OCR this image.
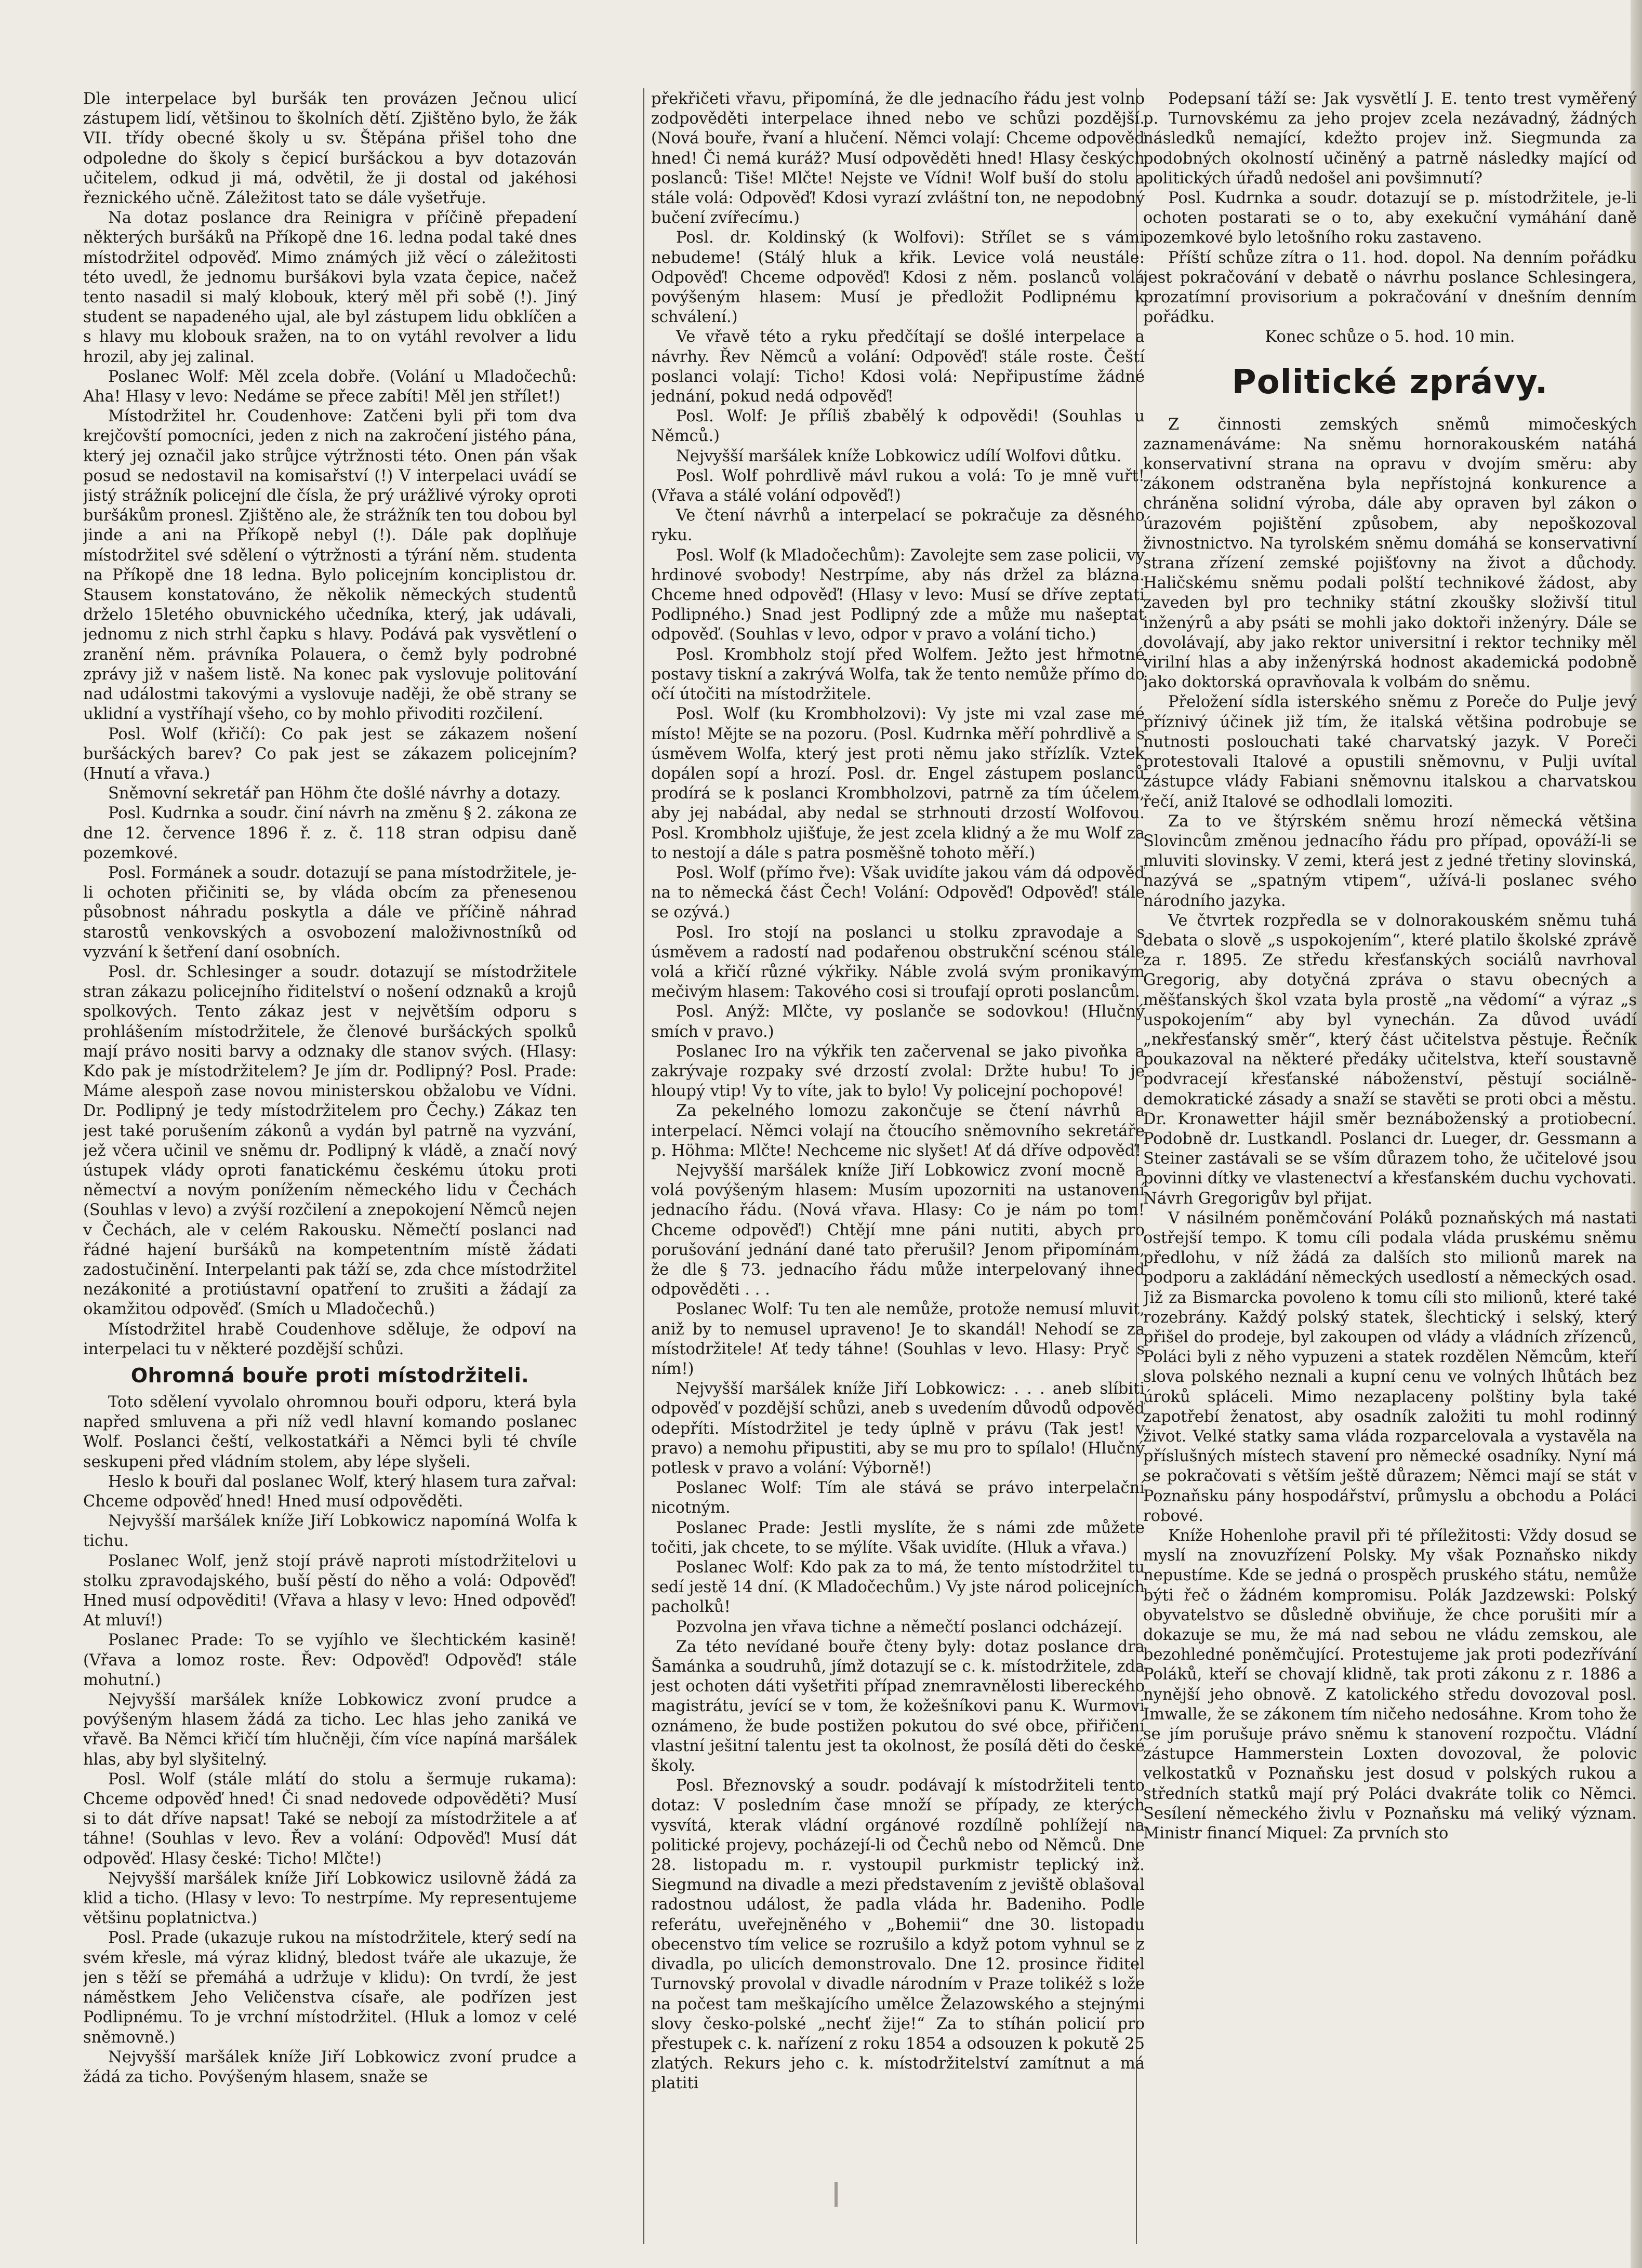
Dle interpelace byl buršák ten provázen Ječnou ulicí zástupem lidí, většinou to školních dětí. Zjištěno bylo, že žák VII. třídy obecné školy u sv. Štěpána přišel toho dne odpoledne do školy s čepicí buršáckou a byv dotazován učitelem, odkud ji má, odvětil, že ji dostal od jakéhosi řeznického učně. Záležitost tato se dále vyšetřuje.

Na dotaz poslance dra Reinigra v příčině přepadení některých buršáků na Příkopě dne 16. ledna podal také dnes místodržitel odpověď. Mimo známých již věcí o záležitosti této uvedl, že jednomu buršákovi byla vzata čepice, načež tento nasadil si malý klobouk, který měl při sobě (!). Jiný student se napadeného ujal, ale byl zástupem lidu obklíčen a s hlavy mu klobouk sražen, na to on vytáhl revolver a lidu hrozil, aby jej zalinal.

Poslanec Wolf: Měl zcela dobře. (Volání u Mladočechů: Aha! Hlasy v levo: Nedáme se přece zabíti! Měl jen střílet!)

Místodržitel hr. Coudenhove: Zatčeni byli při tom dva krejčovští pomocníci, jeden z nich na zakročení jistého pána, který jej označil jako strůjce výtržnosti této. Onen pán však posud se nedostavil na komisařství (!) V interpelaci uvádí se jistý strážník policejní dle čísla, že prý urážlivé výroky oproti buršákům pronesl. Zjištěno ale, že strážník ten tou dobou byl jinde a ani na Příkopě nebyl (!). Dále pak doplňuje místodržitel své sdělení o výtržnosti a týrání něm. studenta na Příkopě dne 18 ledna. Bylo policejním konciplistou dr. Stausem konstatováno, že několik německých studentů drželo 15letého obuvnického učedníka, který, jak udávali, jednomu z nich strhl čapku s hlavy. Podává pak vysvětlení o zranění něm. právníka Polauera, o čemž byly podrobné zprávy již v našem listě. Na konec pak vyslovuje politování nad událostmi takovými a vyslovuje naději, že obě strany se uklidní a vystříhají všeho, co by mohlo přivoditi rozčilení.

Posl. Wolf (křičí): Co pak jest se zákazem nošení buršáckých barev? Co pak jest se zákazem policejním? (Hnutí a vřava.)

Sněmovní sekretář pan Höhm čte došlé návrhy a dotazy.

Posl. Kudrnka a soudr. činí návrh na změnu § 2. zákona ze dne 12. července 1896 ř. z. č. 118 stran odpisu daně pozemkové.

Posl. Formánek a soudr. dotazují se pana místodržitele, je-li ochoten přičiniti se, by vláda obcím za přenesenou působnost náhradu poskytla a dále ve příčině náhrad starostů venkovských a osvobození maloživnostníků od vyzvání k šetření daní osobních.

Posl. dr. Schlesinger a soudr. dotazují se místodržitele stran zákazu policejního řiditelství o nošení odznaků a krojů spolkových. Tento zákaz jest v největším odporu s prohlášením místodržitele, že členové buršáckých spolků mají právo nositi barvy a odznaky dle stanov svých. (Hlasy: Kdo pak je místodržitelem? Je jím dr. Podlipný? Posl. Prade: Máme alespoň zase novou ministerskou obžalobu ve Vídni. Dr. Podlipný je tedy místodržitelem pro Čechy.) Zákaz ten jest také porušením zákonů a vydán byl patrně na vyzvání, jež včera učinil ve sněmu dr. Podlipný k vládě, a značí nový ústupek vlády oproti fanatickému českému útoku proti němectví a novým ponížením německého lidu v Čechách (Souhlas v levo) a zvýší rozčilení a znepokojení Němců nejen v Čechách, ale v celém Rakousku. Němečtí poslanci nad řádné hajení buršáků na kompetentním místě žádati zadostučinění. Interpelanti pak táží se, zda chce místodržitel nezákonité a protiústavní opatření to zrušiti a žádají za okamžitou odpověď. (Smích u Mladočechů.)

Místodržitel hrabě Coudenhove sděluje, že odpoví na interpelaci tu v některé pozdější schůzi.

Ohromná bouře proti místodržiteli.

Toto sdělení vyvolalo ohromnou bouři odporu, která byla napřed smluvena a při níž vedl hlavní komando poslanec Wolf. Poslanci čeští, velkostatkáři a Němci byli té chvíle seskupeni před vládním stolem, aby lépe slyšeli.

Heslo k bouři dal poslanec Wolf, který hlasem tura zařval: Chceme odpověď hned! Hned musí odpověděti.

Nejvyšší maršálek kníže Jiří Lobkowicz napomíná Wolfa k tichu.

Poslanec Wolf, jenž stojí právě naproti místodržitelovi u stolku zpravodajského, buší pěstí do něho a volá: Odpověď! Hned musí odpověditi! (Vřava a hlasy v levo: Hned odpověď! At mluví!)

Poslanec Prade: To se vyjíhlo ve šlechtickém kasině! (Vřava a lomoz roste. Řev: Odpověď! Odpověď! stále mohutní.)

Nejvyšší maršálek kníže Lobkowicz zvoní prudce a povýšeným hlasem žádá za ticho. Lec hlas jeho zaniká ve vřavě. Ba Němci křičí tím hlučněji, čím více napíná maršálek hlas, aby byl slyšitelný.

Posl. Wolf (stále mlátí do stolu a šermuje rukama): Chceme odpověď hned! Či snad nedovede odpověděti? Musí si to dát dříve napsat! Také se nebojí za místodržitele a ať táhne! (Souhlas v levo. Řev a volání: Odpověď! Musí dát odpověď. Hlasy české: Ticho! Mlčte!)

Nejvyšší maršálek kníže Jiří Lobkowicz usilovně žádá za klid a ticho. (Hlasy v levo: To nestrpíme. My representujeme většinu poplatnictva.)

Posl. Prade (ukazuje rukou na místodržitele, který sedí na svém křesle, má výraz klidný, bledost tváře ale ukazuje, že jen s těží se přemáhá a udržuje v klidu): On tvrdí, že jest náměstkem Jeho Veličenstva císaře, ale podřízen jest Podlipnému. To je vrchní místodržitel. (Hluk a lomoz v celé sněmovně.)

Nejvyšší maršálek kníže Jiří Lobkowicz zvoní prudce a žádá za ticho. Povýšeným hlasem, snaže se

překřičeti vřavu, připomíná, že dle jednacího řádu jest volno zodpověděti interpelace ihned nebo ve schůzi pozdější. (Nová bouře, řvaní a hlučení. Němci volají: Chceme odpověď hned! Či nemá kuráž? Musí odpověděti hned! Hlasy českých poslanců: Tiše! Mlčte! Nejste ve Vídni! Wolf buší do stolu a stále volá: Odpověď! Kdosi vyrazí zvláštní ton, ne nepodobný bučení zvířecímu.)

Posl. dr. Koldinský (k Wolfovi): Střílet se s vámi nebudeme! (Stálý hluk a křik. Levice volá neustále: Odpověď! Chceme odpověď! Kdosi z něm. poslanců volá povýšeným hlasem: Musí je předložit Podlipnému k schválení.)

Ve vřavě této a ryku předčítají se došlé interpelace a návrhy. Řev Němců a volání: Odpověď! stále roste. Čeští poslanci volají: Ticho! Kdosi volá: Nepřipustíme žádné jednání, pokud nedá odpověď!

Posl. Wolf: Je příliš zbabělý k odpovědi! (Souhlas u Němců.)

Nejvyšší maršálek kníže Lobkowicz udílí Wolfovi důtku.

Posl. Wolf pohrdlivě mávl rukou a volá: To je mně vuřt! (Vřava a stálé volání odpověď!)

Ve čtení návrhů a interpelací se pokračuje za děsného ryku.

Posl. Wolf (k Mladočechům): Zavolejte sem zase policii, vy hrdinové svobody! Nestrpíme, aby nás držel za blázna. Chceme hned odpověď! (Hlasy v levo: Musí se dříve zeptati Podlipného.) Snad jest Podlipný zde a může mu našeptat odpověď. (Souhlas v levo, odpor v pravo a volání ticho.)

Posl. Krombholz stojí před Wolfem. Ježto jest hřmotné postavy tiskní a zakrývá Wolfa, tak že tento nemůže přímo do očí útočiti na místodržitele.

Posl. Wolf (ku Krombholzovi): Vy jste mi vzal zase mé místo! Mějte se na pozoru. (Posl. Kudrnka měří pohrdlivě a s úsměvem Wolfa, který jest proti němu jako střízlík. Vztek dopálen sopí a hrozí. Posl. dr. Engel zástupem poslanců prodírá se k poslanci Krombholzovi, patrně za tím účelem, aby jej nabádal, aby nedal se strhnouti drzostí Wolfovou. Posl. Krombholz ujišťuje, že jest zcela klidný a že mu Wolf za to nestojí a dále s patra posměšně tohoto měří.)

Posl. Wolf (přímo řve): Však uvidíte jakou vám dá odpověď na to německá část Čech! Volání: Odpověď! Odpověď! stále se ozývá.)

Posl. Iro stojí na poslanci u stolku zpravodaje a s úsměvem a radostí nad podařenou obstrukční scénou stále volá a křičí různé výkřiky. Náble zvolá svým pronikavým mečivým hlasem: Takového cosi si troufají oproti poslancům.

Posl. Anýž: Mlčte, vy poslanče se sodovkou! (Hlučný smích v pravo.)

Poslanec Iro na výkřik ten začervenal se jako pivoňka a zakrývaje rozpaky své drzostí zvolal: Držte hubu! To je hloupý vtip! Vy to víte, jak to bylo! Vy policejní pochopové!

Za pekelného lomozu zakončuje se čtení návrhů a interpelací. Němci volají na čtoucího sněmovního sekretáře p. Höhma: Mlčte! Nechceme nic slyšet! Ať dá dříve odpověď!

Nejvyšší maršálek kníže Jiří Lobkowicz zvoní mocně a volá povýšeným hlasem: Musím upozorniti na ustanovení jednacího řádu. (Nová vřava. Hlasy: Co je nám po tom! Chceme odpověď!) Chtějí mne páni nutiti, abych pro porušování jednání dané tato přerušil? Jenom připomínám, že dle § 73. jednacího řádu může interpelovaný ihned odpověděti . . .

Poslanec Wolf: Tu ten ale nemůže, protože nemusí mluvit, aniž by to nemusel upraveno! Je to skandál! Nehodí se za místodržitele! Ať tedy táhne! (Souhlas v levo. Hlasy: Pryč s ním!)

Nejvyšší maršálek kníže Jiří Lobkowicz: . . . aneb slíbiti odpověď v pozdější schůzi, aneb s uvedením důvodů odpověď odepříti. Místodržitel je tedy úplně v právu (Tak jest! v pravo) a nemohu připustiti, aby se mu pro to spílalo! (Hlučný potlesk v pravo a volání: Výborně!)

Poslanec Wolf: Tím ale stává se právo interpelační nicotným.

Poslanec Prade: Jestli myslíte, že s námi zde můžete točiti, jak chcete, to se mýlíte. Však uvidíte. (Hluk a vřava.)

Poslanec Wolf: Kdo pak za to má, že tento místodržitel tu sedí jestě 14 dní. (K Mladočechům.) Vy jste národ policejních pacholků!

Pozvolna jen vřava tichne a němečtí poslanci odcházejí.

Za této nevídané bouře čteny byly: dotaz poslance dra Šamánka a soudruhů, jímž dotazují se c. k. místodržitele, zda jest ochoten dáti vyšetřiti případ znemravnělosti libereckého magistrátu, jevící se v tom, že kožešníkovi panu K. Wurmovi oznámeno, že bude postižen pokutou do své obce, přiřičení vlastní ješitní talentu jest ta okolnost, že posílá děti do české školy.

Posl. Březnovský a soudr. podávají k místodržiteli tento dotaz: V posledním čase množí se případy, ze kterých vysvítá, kterak vládní orgánové rozdílně pohlížejí na politické projevy, pocházejí-li od Čechů nebo od Němců. Dne 28. listopadu m. r. vystoupil purkmistr teplický inž. Siegmund na divadle a mezi představením z jeviště oblašoval radostnou událost, že padla vláda hr. Badeniho. Podle referátu, uveřejněného v „Bohemii“ dne 30. listopadu obecenstvo tím velice se rozrušilo a když potom vyhnul se z divadla, po ulicích demonstrovalo. Dne 12. prosince řiditel Turnovský provolal v divadle národním v Praze tolikéž s lože na počest tam meškajícího umělce Želazowského a stejnými slovy česko-polské „nechť žije!“ Za to stíhán policií pro přestupek c. k. nařízení z roku 1854 a odsouzen k pokutě 25 zlatých. Rekurs jeho c. k. místodržitelství zamítnut a má platiti

Podepsaní táží se: Jak vysvětlí J. E. tento trest vyměřený p. Turnovskému za jeho projev zcela nezávadný, žádných následků nemající, kdežto projev inž. Siegmunda za podobných okolností učiněný a patrně následky mající od politických úřadů nedošel ani povšimnutí?

Posl. Kudrnka a soudr. dotazují se p. místodržitele, je-li ochoten postarati se o to, aby exekuční vymáhání daně pozemkové bylo letošního roku zastaveno.

Příští schůze zítra o 11. hod. dopol. Na denním pořádku jest pokračování v debatě o návrhu poslance Schlesingera, prozatímní provisorium a pokračování v dnešním denním pořádku.

Konec schůze o 5. hod. 10 min.

Politické zprávy.

Z činnosti zemských sněmů mimočeských zaznamenáváme: Na sněmu hornorakouském natáhá konservativní strana na opravu v dvojím směru: aby zákonem odstraněna byla nepřístojná konkurence a chráněna solidní výroba, dále aby opraven byl zákon o úrazovém pojištění způsobem, aby nepoškozoval živnostnictvo. Na tyrolském sněmu domáhá se konservativní strana zřízení zemské pojišťovny na život a důchody. Haličskému sněmu podali polští technikové žádost, aby zaveden byl pro techniky státní zkoušky složivší titul inženýrů a aby psáti se mohli jako doktoři inženýry. Dále se dovolávají, aby jako rektor universitní i rektor techniky měl virilní hlas a aby inženýrská hodnost akademická podobně jako doktorská opravňovala k volbám do sněmu.

Přeložení sídla isterského sněmu z Poreče do Pulje jevý příznivý účinek již tím, že italská většina podrobuje se nutnosti poslouchati také charvatský jazyk. V Poreči protestovali Italové a opustili sněmovnu, v Pulji uvítal zástupce vlády Fabiani sněmovnu italskou a charvatskou řečí, aniž Italové se odhodlali lomoziti.

Za to ve štýrském sněmu hrozí německá většina Slovincům změnou jednacího řádu pro případ, opováží-li se mluviti slovinsky. V zemi, která jest z jedné třetiny slovinská, nazývá se „spatným vtipem“, užívá-li poslanec svého národního jazyka.

Ve čtvrtek rozpředla se v dolnorakouském sněmu tuhá debata o slově „s uspokojením“, které platilo školské zprávě za r. 1895. Ze středu křesťanských sociálů navrhoval Gregorig, aby dotyčná zpráva o stavu obecných a měšťanských škol vzata byla prostě „na vědomí“ a výraz „s uspokojením“ aby byl vynechán. Za důvod uvádí „nekřesťanský směr“, který část učitelstva pěstuje. Řečník poukazoval na některé předáky učitelstva, kteří soustavně podvracejí křesťanské náboženství, pěstují sociálně-demokratické zásady a snaží se stavěti se proti obci a městu. Dr. Kronawetter hájil směr beznáboženský a protiobecní. Podobně dr. Lustkandl. Poslanci dr. Lueger, dr. Gessmann a Steiner zastávali se se vším důrazem toho, že učitelové jsou povinni dítky ve vlastenectví a křesťanském duchu vychovati. Návrh Gregorigův byl přijat.

V násilném poněmčování Poláků poznaňských má nastati ostřejší tempo. K tomu cíli podala vláda pruskému sněmu předlohu, v níž žádá za dalších sto milionů marek na podporu a zakládání německých usedlostí a německých osad. Již za Bismarcka povoleno k tomu cíli sto milionů, které také rozebrány. Každý polský statek, šlechtický i selský, který přišel do prodeje, byl zakoupen od vlády a vládních zřízenců, Poláci byli z něho vypuzeni a statek rozdělen Němcům, kteří slova polského neznali a kupní cenu ve volných lhůtách bez úroků spláceli. Mimo nezaplaceny polštiny byla také zapotřebí ženatost, aby osadník založiti tu mohl rodinný život. Velké statky sama vláda rozparcelovala a vystavěla na příslušných místech stavení pro německé osadníky. Nyní má se pokračovati s větším ještě důrazem; Němci mají se stát v Poznaňsku pány hospodářství, průmyslu a obchodu a Poláci robové.

Kníže Hohenlohe pravil při té příležitosti: Vždy dosud se myslí na znovuzřízení Polsky. My však Poznaňsko nikdy nepustíme. Kde se jedná o prospěch pruského státu, nemůže býti řeč o žádném kompromisu. Polák Jazdzewski: Polský obyvatelstvo se důsledně obviňuje, že chce porušiti mír a dokazuje se mu, že má nad sebou ne vládu zemskou, ale bezohledné poněmčující. Protestujeme jak proti podezřívání Poláků, kteří se chovají klidně, tak proti zákonu z r. 1886 a nynější jeho obnově. Z katolického středu dovozoval posl. Imwalle, že se zákonem tím ničeho nedosáhne. Krom toho že se jím porušuje právo sněmu k stanovení rozpočtu. Vládní zástupce Hammerstein Loxten dovozoval, že polovic velkostatků v Poznaňsku jest dosud v polských rukou a středních statků mají prý Poláci dvakráte tolik co Němci. Sesílení německého živlu v Poznaňsku má veliký význam. Ministr financí Miquel: Za prvních sto
